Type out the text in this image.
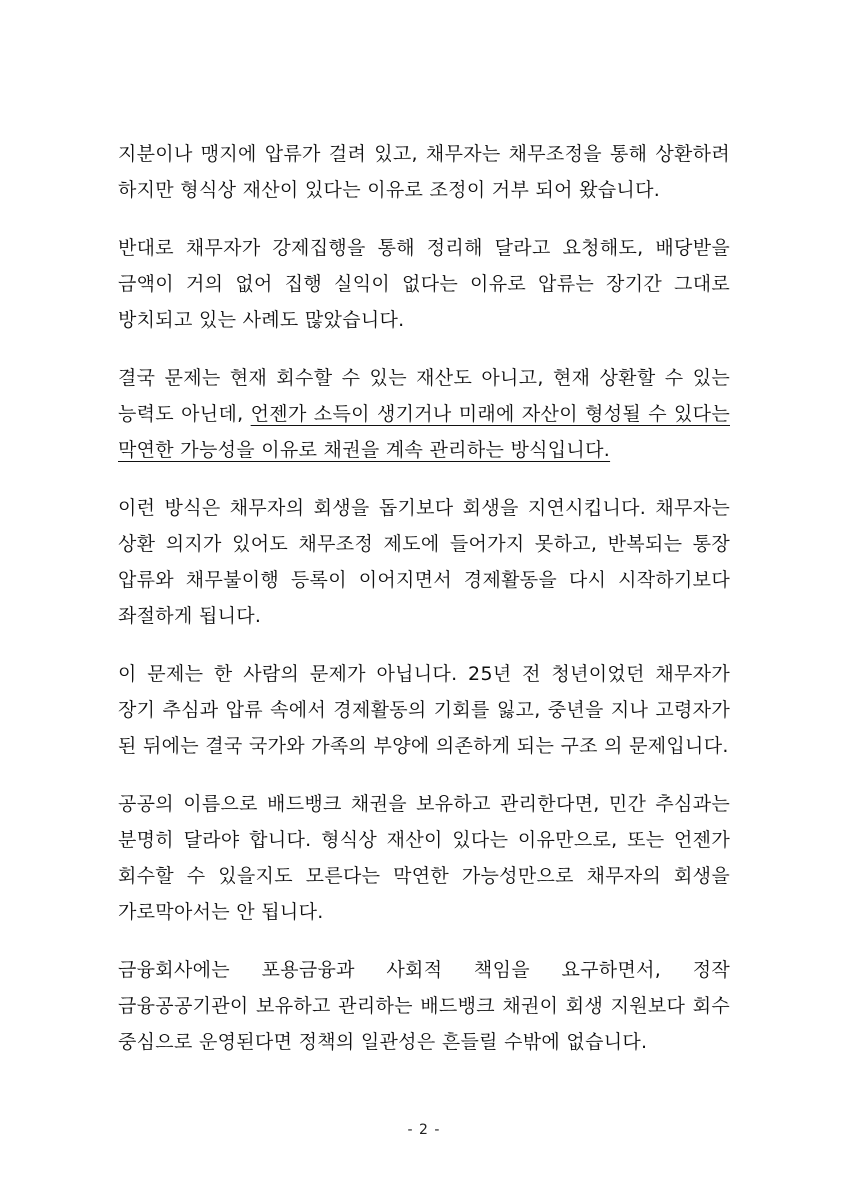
지분이나 맹지에 압류가 걸려 있고, 채무자는 채무조정을 통해 상환하려 하지만 형식상 재산이 있다는 이유로 조정이 거부 되어 왔습니다.

반대로 채무자가 강제집행을 통해 정리해 달라고 요청해도, 배당받을 금액이 거의 없어 집행 실익이 없다는 이유로 압류는 장기간 그대로 방치되고 있는 사례도 많았습니다.

결국 문제는 현재 회수할 수 있는 재산도 아니고, 현재 상환할 수 있는 능력도 아닌데, 언젠가 소득이 생기거나 미래에 자산이 형성될 수 있다는 막연한 가능성을 이유로 채권을 계속 관리하는 방식입니다.

이런 방식은 채무자의 회생을 돕기보다 회생을 지연시킵니다. 채무자는 상환 의지가 있어도 채무조정 제도에 들어가지 못하고, 반복되는 통장 압류와 채무불이행 등록이 이어지면서 경제활동을 다시 시작하기보다 좌절하게 됩니다.

이 문제는 한 사람의 문제가 아닙니다. 25년 전 청년이었던 채무자가 장기 추심과 압류 속에서 경제활동의 기회를 잃고, 중년을 지나 고령자가 된 뒤에는 결국 국가와 가족의 부양에 의존하게 되는 구조 의 문제입니다.

공공의 이름으로 배드뱅크 채권을 보유하고 관리한다면, 민간 추심과는 분명히 달라야 합니다. 형식상 재산이 있다는 이유만으로, 또는 언젠가 회수할 수 있을지도 모른다는 막연한 가능성만으로 채무자의 회생을 가로막아서는 안 됩니다.

금융회사에는 포용금융과 사회적 책임을 요구하면서, 정작 금융공공기관이 보유하고 관리하는 배드뱅크 채권이 회생 지원보다 회수 중심으로 운영된다면 정책의 일관성은 흔들릴 수밖에 없습니다.

- 2 -
